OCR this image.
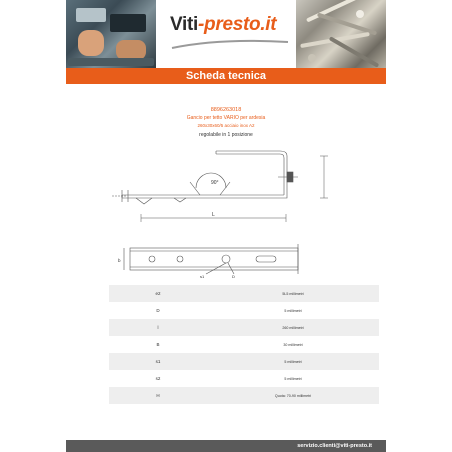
Viti-presto.it
Scheda tecnica
8896263018
Gancio per tetto VARIO per ardesia
260x30x60/5 acciaio inox A2
regolabile in 1 posizione
90°
L
b
s1	D
e2	5L5 millimetri
D	5 millimetri
l	260 millimetri
B	30 millimetri
s1	5 millimetri
s2	5 millimetri
H	Quota: 70-90 millimetri
servizio.clienti@viti-presto.it
